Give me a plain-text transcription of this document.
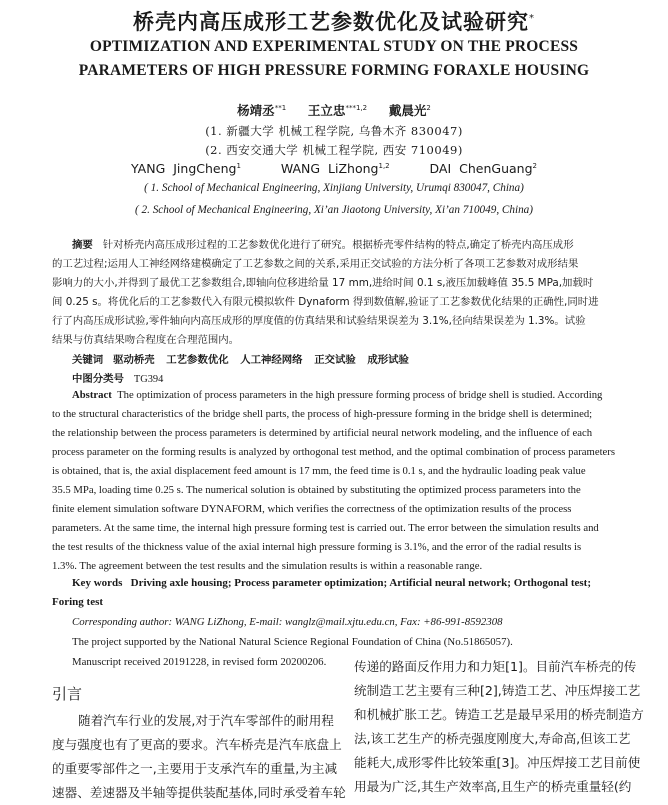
桥壳内高压成形工艺参数优化及试验研究*
OPTIMIZATION AND EXPERIMENTAL STUDY ON THE PROCESS
PARAMETERS OF HIGH PRESSURE FORMING FORAXLE HOUSING
杨靖丞$^{**1}$ 王立忠$^{***1,2}$ 戴晨光$^2$
(1. 新疆大学 机械工程学院, 乌鲁木齐 830047)
(2. 西安交通大学 机械工程学院, 西安 710049)
YANG JingCheng$^1$	WANG LiZhong$^{1,2}$	DAI ChenGuang$^2$
( 1. School of Mechanical Engineering, Xinjiang University, Urumqi 830047, China)
( 2. School of Mechanical Engineering, Xi’an Jiaotong University, Xi’an 710049, China)
摘要 针对桥壳内高压成形过程的工艺参数优化进行了研究。根据桥壳零件结构的特点,确定了桥壳内高压成形
的工艺过程;运用人工神经网络建模确定了工艺参数之间的关系,采用正交试验的方法分析了各项工艺参数对成形结果
影响力的大小,并得到了最优工艺参数组合,即轴向位移进给量 17 mm,进给时间 0.1 s,液压加载峰值 35.5 MPa,加载时
间 0.25 s。将优化后的工艺参数代入有限元模拟软件 Dynaform 得到数值解,验证了工艺参数优化结果的正确性,同时进
行了内高压成形试验,零件轴向内高压成形的厚度值的仿真结果和试验结果误差为 3.1%,径向结果误差为 1.3%。试验
结果与仿真结果吻合程度在合理范围内。
关键词 驱动桥壳 工艺参数优化 人工神经网络 正交试验 成形试验
中图分类号 TG394
Abstract The optimization of process parameters in the high pressure forming process of bridge shell is studied. According
to the structural characteristics of the bridge shell parts, the process of high-pressure forming in the bridge shell is determined;
the relationship between the process parameters is determined by artificial neural network modeling, and the influence of each
process parameter on the forming results is analyzed by orthogonal test method, and the optimal combination of process parameters
is obtained, that is, the axial displacement feed amount is 17 mm, the feed time is 0.1 s, and the hydraulic loading peak value
35.5 MPa, loading time 0.25 s. The numerical solution is obtained by substituting the optimized process parameters into the
finite element simulation software DYNAFORM, which verifies the correctness of the optimization results of the process
parameters. At the same time, the internal high pressure forming test is carried out. The error between the simulation results and
the test results of the thickness value of the axial internal high pressure forming is 3.1%, and the error of the radial results is
1.3%. The agreement between the test results and the simulation results is within a reasonable range.
Key words Driving axle housing; Process parameter optimization; Artificial neural network; Orthogonal test;
Foring test
Corresponding author: WANG LiZhong, E-mail: wanglz@mail.xjtu.edu.cn, Fax: +86-991-8592308
The project supported by the National Natural Science Regional Foundation of China (No.51865057).
Manuscript received 20191228, in revised form 20200206.
引言
随着汽车行业的发展,对于汽车零部件的耐用程
度与强度也有了更高的要求。汽车桥壳是汽车底盘上
的重要零部件之一,主要用于支承汽车的重量,为主减
速器、差速器及半轴等提供装配基体,同时承受着车轮
传递的路面反作用力和力矩[1]。目前汽车桥壳的传
统制造工艺主要有三种[2],铸造工艺、冲压焊接工艺
和机械扩胀工艺。铸造工艺是最早采用的桥壳制造方
法,该工艺生产的桥壳强度刚度大,寿命高,但该工艺
能耗大,成形零件比较笨重[3]。冲压焊接工艺目前使
用最为广泛,其生产效率高,且生产的桥壳重量轻(约
